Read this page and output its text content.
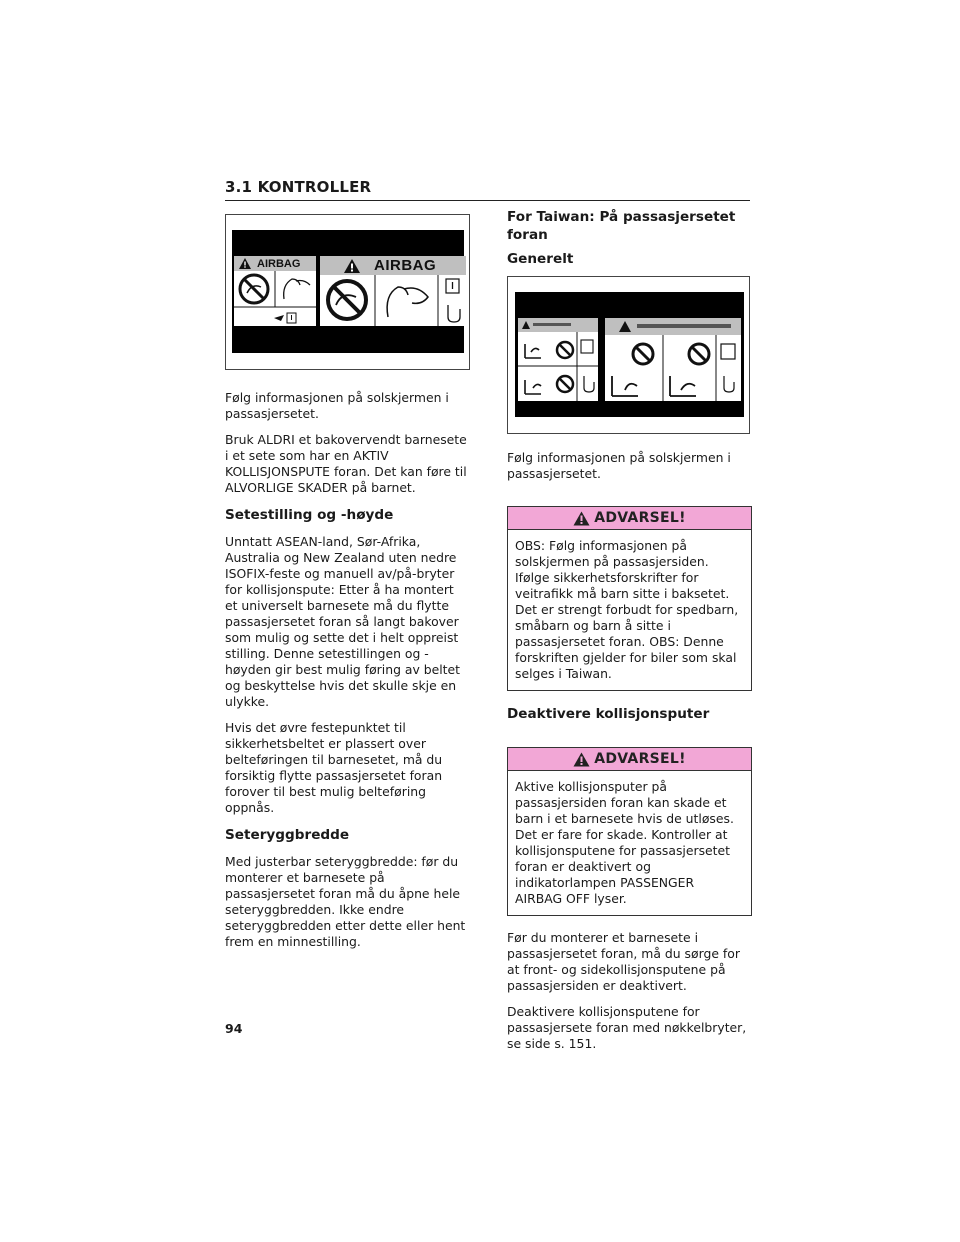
3.1 KONTROLLER
AIRBAG	AIRBAG

Følg informasjonen på solskjermen i passasjersetet.

Bruk ALDRI et bakovervendt barnesete i et sete som har en AKTIV KOLLISJONSPUTE foran. Det kan føre til ALVORLIGE SKADER på barnet.

Setestilling og -høyde

Unntatt ASEAN-land, Sør-Afrika, Australia og New Zealand uten nedre ISOFIX-feste og manuell av/på-bryter for kollisjonspute: Etter å ha montert et universelt barnesete må du flytte passasjersetet foran så langt bakover som mulig og sette det i helt oppreist stilling. Denne setestillingen og -høyden gir best mulig føring av beltet og beskyttelse hvis det skulle skje en ulykke.

Hvis det øvre festepunktet til sikkerhetsbeltet er plassert over belteføringen til barnesetet, må du forsiktig flytte passasjersetet foran forover til best mulig belteføring oppnås.

Seteryggbredde

Med justerbar seteryggbredde: før du monterer et barnesete på passasjersetet foran må du åpne hele seteryggbredden. Ikke endre seteryggbredden etter dette eller hent frem en minnestilling.

For Taiwan: På passasjersetet foran
Generelt

Følg informasjonen på solskjermen i passasjersetet.

ADVARSEL!

OBS: Følg informasjonen på solskjermen på passasjersiden. Ifølge sikkerhetsforskrifter for veitrafikk må barn sitte i baksetet. Det er strengt forbudt for spedbarn, småbarn og barn å sitte i passasjersetet foran. OBS: Denne forskriften gjelder for biler som skal selges i Taiwan.

Deaktivere kollisjonsputer
ADVARSEL!

Aktive kollisjonsputer på passasjersiden foran kan skade et barn i et barnesete hvis de utløses. Det er fare for skade. Kontroller at kollisjonsputene for passasjersetet foran er deaktivert og indikatorlampen PASSENGER AIRBAG OFF lyser.

Før du monterer et barnesete i passasjersetet foran, må du sørge for at front- og sidekollisjonsputene på passasjersiden er deaktivert.

Deaktivere kollisjonsputene for passasjersete foran med nøkkelbryter, se side s. 151.

94
